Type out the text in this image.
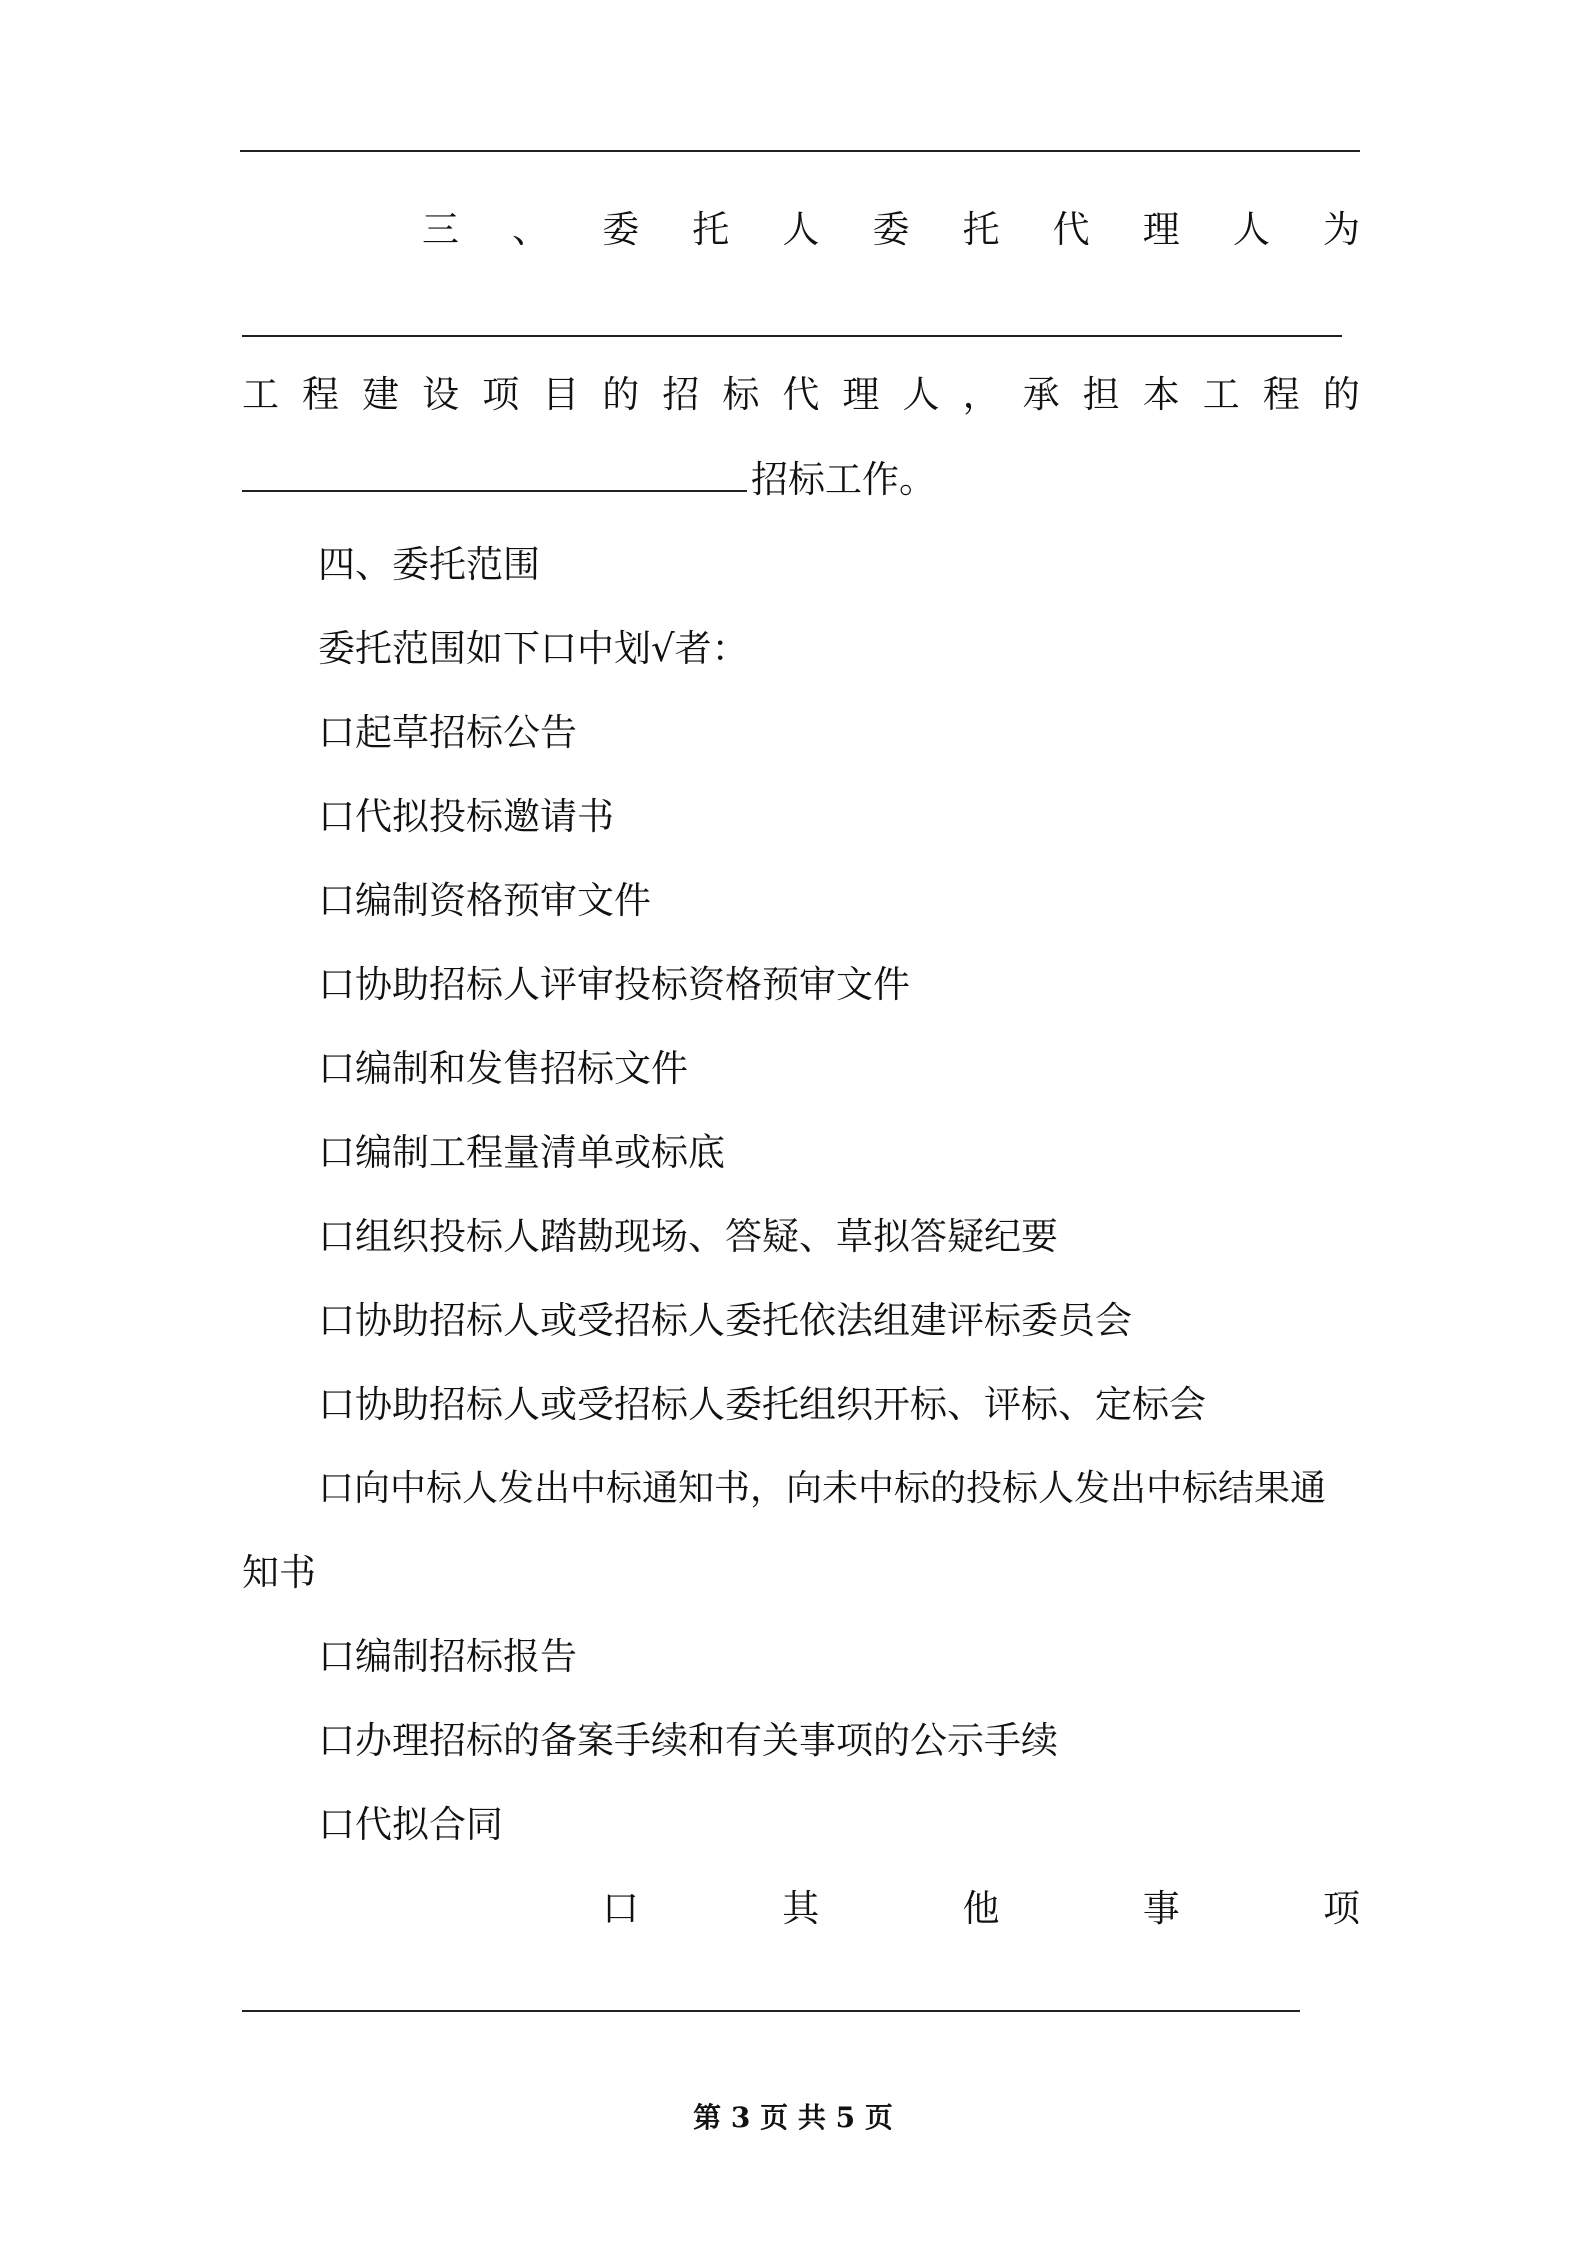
三 、 委 托 人 委 托 代 理 人 为
工 程 建 设 项 目 的 招 标 代 理 人 ， 承 担 本 工 程 的
招标工作。
四、委托范围
委托范围如下口中划√者：
口起草招标公告
口代拟投标邀请书
口编制资格预审文件
口协助招标人评审投标资格预审文件
口编制和发售招标文件
口编制工程量清单或标底
口组织投标人踏勘现场、答疑、草拟答疑纪要
口协助招标人或受招标人委托依法组建评标委员会
口协助招标人或受招标人委托组织开标、评标、定标会
口向中标人发出中标通知书，向未中标的投标人发出中标结果通
知书
口编制招标报告
口办理招标的备案手续和有关事项的公示手续
口代拟合同
口	其	他	事	项
第 3 页 共 5 页
